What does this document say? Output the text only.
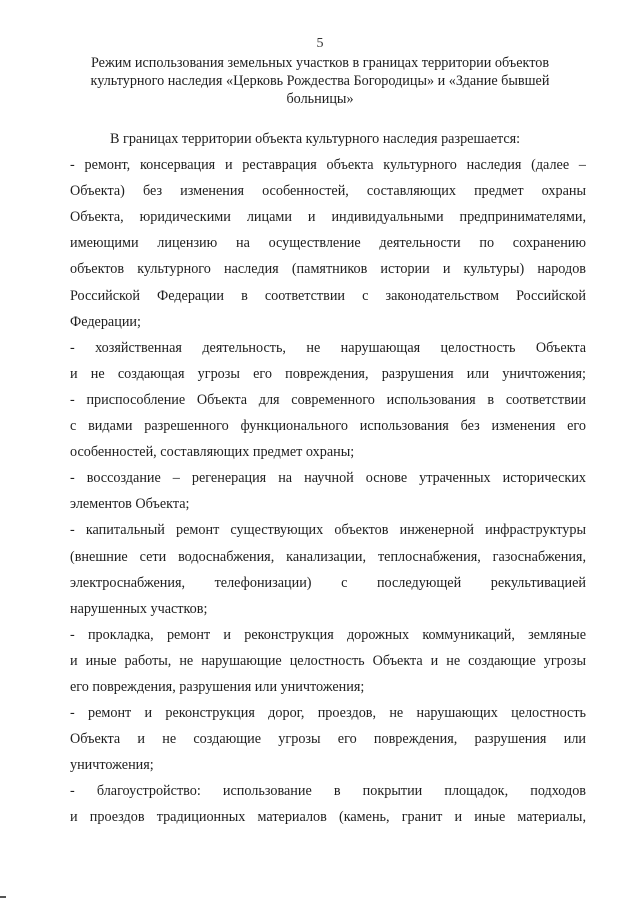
5
Режим использования земельных участков в границах территории объектов
культурного наследия «Церковь Рождества Богородицы» и «Здание бывшей
больницы»
В границах территории объекта культурного наследия разрешается:
- ремонт, консервация и реставрация объекта культурного наследия (далее –
Объекта) без изменения особенностей, составляющих предмет охраны
Объекта, юридическими лицами и индивидуальными предпринимателями,
имеющими лицензию на осуществление деятельности по сохранению
объектов культурного наследия (памятников истории и культуры) народов
Российской Федерации в соответствии с законодательством Российской
Федерации;
- хозяйственная деятельность, не нарушающая целостность Объекта
и не создающая угрозы его повреждения, разрушения или уничтожения;
- приспособление Объекта для современного использования в соответствии
с видами разрешенного функционального использования без изменения его
особенностей, составляющих предмет охраны;
- воссоздание – регенерация на научной основе утраченных исторических
элементов Объекта;
- капитальный ремонт существующих объектов инженерной инфраструктуры
(внешние сети водоснабжения, канализации, теплоснабжения, газоснабжения,
электроснабжения, телефонизации) с последующей рекультивацией
нарушенных участков;
- прокладка, ремонт и реконструкция дорожных коммуникаций, земляные
и иные работы, не нарушающие целостность Объекта и не создающие угрозы
его повреждения, разрушения или уничтожения;
- ремонт и реконструкция дорог, проездов, не нарушающих целостность
Объекта и не создающие угрозы его повреждения, разрушения или
уничтожения;
- благоустройство: использование в покрытии площадок, подходов
и проездов традиционных материалов (камень, гранит и иные материалы,
